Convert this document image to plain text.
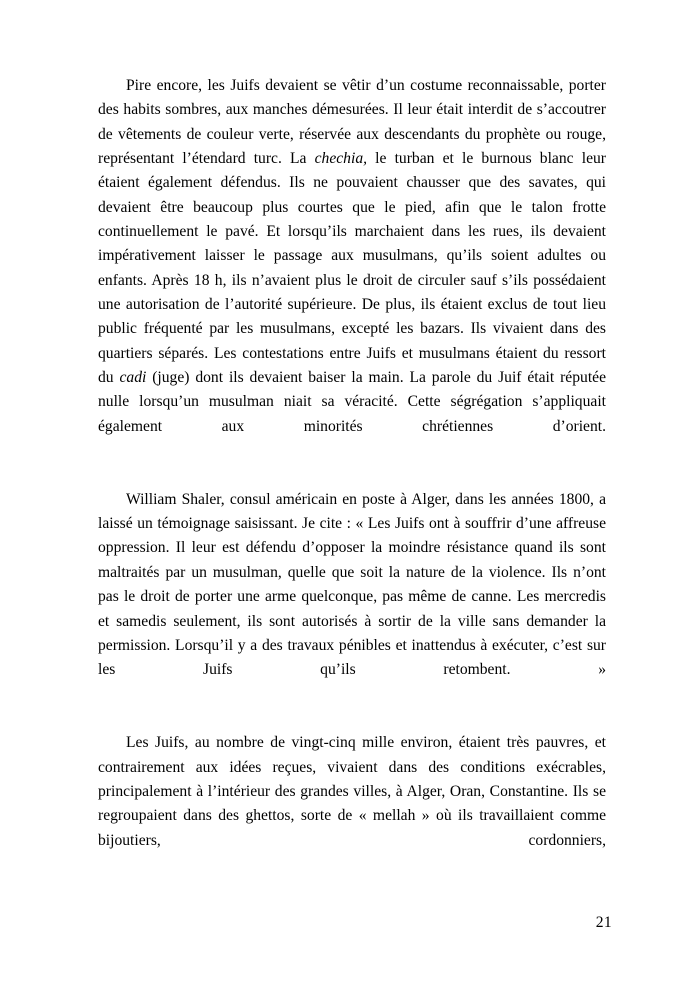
Pire encore, les Juifs devaient se vêtir d’un costume reconnaissable, porter des habits sombres, aux manches démesurées. Il leur était interdit de s’accoutrer de vêtements de couleur verte, réservée aux descendants du prophète ou rouge, représentant l’étendard turc. La chechia, le turban et le burnous blanc leur étaient également défendus. Ils ne pouvaient chausser que des savates, qui devaient être beaucoup plus courtes que le pied, afin que le talon frotte continuellement le pavé. Et lorsqu’ils marchaient dans les rues, ils devaient impérativement laisser le passage aux musulmans, qu’ils soient adultes ou enfants. Après 18 h, ils n’avaient plus le droit de circuler sauf s’ils possédaient une autorisation de l’autorité supérieure. De plus, ils étaient exclus de tout lieu public fréquenté par les musulmans, excepté les bazars. Ils vivaient dans des quartiers séparés. Les contestations entre Juifs et musulmans étaient du ressort du cadi (juge) dont ils devaient baiser la main. La parole du Juif était réputée nulle lorsqu’un musulman niait sa véracité. Cette ségrégation s’appliquait également aux minorités chrétiennes d’orient.

William Shaler, consul américain en poste à Alger, dans les années 1800, a laissé un témoignage saisissant. Je cite : « Les Juifs ont à souffrir d’une affreuse oppression. Il leur est défendu d’opposer la moindre résistance quand ils sont maltraités par un musulman, quelle que soit la nature de la violence. Ils n’ont pas le droit de porter une arme quelconque, pas même de canne. Les mercredis et samedis seulement, ils sont autorisés à sortir de la ville sans demander la permission. Lorsqu’il y a des travaux pénibles et inattendus à exécuter, c’est sur les Juifs qu’ils retombent. »

Les Juifs, au nombre de vingt-cinq mille environ, étaient très pauvres, et contrairement aux idées reçues, vivaient dans des conditions exécrables, principalement à l’intérieur des grandes villes, à Alger, Oran, Constantine. Ils se regroupaient dans des ghettos, sorte de « mellah » où ils travaillaient comme bijoutiers, cordonniers,

21
